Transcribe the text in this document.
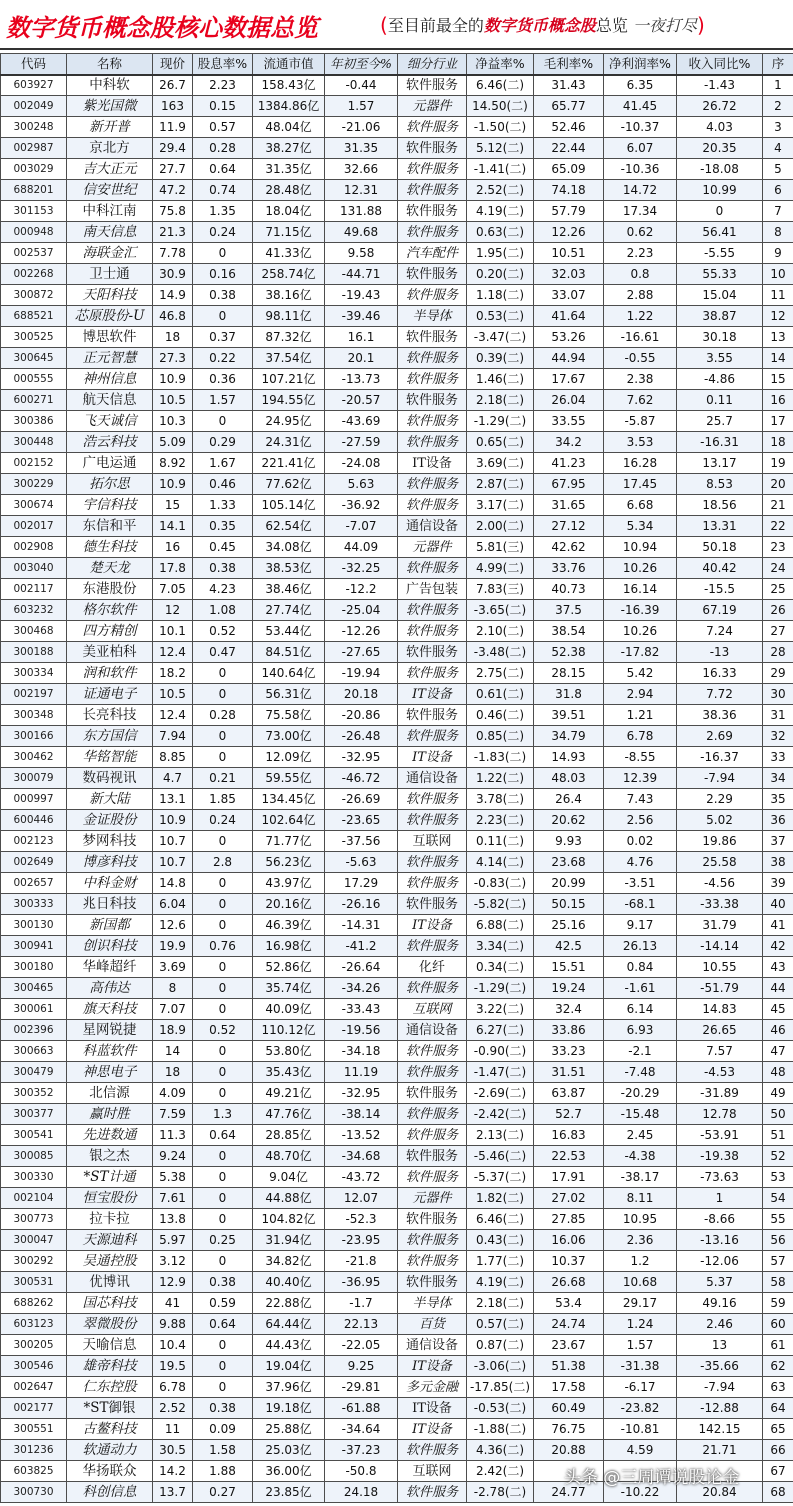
数字货币概念股核心数据总览	(至目前最全的数字货币概念股总览 一夜打尽)
代码	名称	现价	股息率%	流通市值	年初至今%	细分行业	净益率%	毛利率%	净利润率%	收入同比%	序
603927	中科软	26.7	2.23	158.43亿	-0.44	软件服务	6.46(二)	31.43	6.35	-1.43	1
002049	紫光国微	163	0.15	1384.86亿	1.57	元器件	14.50(二)	65.77	41.45	26.72	2
300248	新开普	11.9	0.57	48.04亿	-21.06	软件服务	-1.50(二)	52.46	-10.37	4.03	3
002987	京北方	29.4	0.28	38.27亿	31.35	软件服务	5.12(二)	22.44	6.07	20.35	4
003029	吉大正元	27.7	0.64	31.35亿	32.66	软件服务	-1.41(二)	65.09	-10.36	-18.08	5
688201	信安世纪	47.2	0.74	28.48亿	12.31	软件服务	2.52(二)	74.18	14.72	10.99	6
301153	中科江南	75.8	1.35	18.04亿	131.88	软件服务	4.19(二)	57.79	17.34	0	7
000948	南天信息	21.3	0.24	71.15亿	49.68	软件服务	0.63(二)	12.26	0.62	56.41	8
002537	海联金汇	7.78	0	41.33亿	9.58	汽车配件	1.95(二)	10.51	2.23	-5.55	9
002268	卫士通	30.9	0.16	258.74亿	-44.71	软件服务	0.20(二)	32.03	0.8	55.33	10
300872	天阳科技	14.9	0.38	38.16亿	-19.43	软件服务	1.18(二)	33.07	2.88	15.04	11
688521	芯原股份-U	46.8	0	98.11亿	-39.46	半导体	0.53(二)	41.64	1.22	38.87	12
300525	博思软件	18	0.37	87.32亿	16.1	软件服务	-3.47(二)	53.26	-16.61	30.18	13
300645	正元智慧	27.3	0.22	37.54亿	20.1	软件服务	0.39(二)	44.94	-0.55	3.55	14
000555	神州信息	10.9	0.36	107.21亿	-13.73	软件服务	1.46(二)	17.67	2.38	-4.86	15
600271	航天信息	10.5	1.57	194.55亿	-20.57	软件服务	2.18(二)	26.04	7.62	0.11	16
300386	飞天诚信	10.3	0	24.95亿	-43.69	软件服务	-1.29(二)	33.55	-5.87	25.7	17
300448	浩云科技	5.09	0.29	24.31亿	-27.59	软件服务	0.65(二)	34.2	3.53	-16.31	18
002152	广电运通	8.92	1.67	221.41亿	-24.08	IT设备	3.69(二)	41.23	16.28	13.17	19
300229	拓尔思	10.9	0.46	77.62亿	5.63	软件服务	2.87(二)	67.95	17.45	8.53	20
300674	宇信科技	15	1.33	105.14亿	-36.92	软件服务	3.17(二)	31.65	6.68	18.56	21
002017	东信和平	14.1	0.35	62.54亿	-7.07	通信设备	2.00(二)	27.12	5.34	13.31	22
002908	德生科技	16	0.45	34.08亿	44.09	元器件	5.81(三)	42.62	10.94	50.18	23
003040	楚天龙	17.8	0.38	38.53亿	-32.25	软件服务	4.99(二)	33.76	10.26	40.42	24
002117	东港股份	7.05	4.23	38.46亿	-12.2	广告包装	7.83(三)	40.73	16.14	-15.5	25
603232	格尔软件	12	1.08	27.74亿	-25.04	软件服务	-3.65(二)	37.5	-16.39	67.19	26
300468	四方精创	10.1	0.52	53.44亿	-12.26	软件服务	2.10(二)	38.54	10.26	7.24	27
300188	美亚柏科	12.4	0.47	84.51亿	-27.65	软件服务	-3.48(二)	52.38	-17.82	-13	28
300334	润和软件	18.2	0	140.64亿	-19.94	软件服务	2.75(二)	28.15	5.42	16.33	29
002197	证通电子	10.5	0	56.31亿	20.18	IT设备	0.61(二)	31.8	2.94	7.72	30
300348	长亮科技	12.4	0.28	75.58亿	-20.86	软件服务	0.46(二)	39.51	1.21	38.36	31
300166	东方国信	7.94	0	73.00亿	-26.48	软件服务	0.85(二)	34.79	6.78	2.69	32
300462	华铭智能	8.85	0	12.09亿	-32.95	IT设备	-1.83(二)	14.93	-8.55	-16.37	33
300079	数码视讯	4.7	0.21	59.55亿	-46.72	通信设备	1.22(二)	48.03	12.39	-7.94	34
000997	新大陆	13.1	1.85	134.45亿	-26.69	软件服务	3.78(二)	26.4	7.43	2.29	35
600446	金证股份	10.9	0.24	102.64亿	-23.65	软件服务	2.23(二)	20.62	2.56	5.02	36
002123	梦网科技	10.7	0	71.77亿	-37.56	互联网	0.11(二)	9.93	0.02	19.86	37
002649	博彦科技	10.7	2.8	56.23亿	-5.63	软件服务	4.14(二)	23.68	4.76	25.58	38
002657	中科金财	14.8	0	43.97亿	17.29	软件服务	-0.83(二)	20.99	-3.51	-4.56	39
300333	兆日科技	6.04	0	20.16亿	-26.16	软件服务	-5.82(二)	50.15	-68.1	-33.38	40
300130	新国都	12.6	0	46.39亿	-14.31	IT设备	6.88(二)	25.16	9.17	31.79	41
300941	创识科技	19.9	0.76	16.98亿	-41.2	软件服务	3.34(二)	42.5	26.13	-14.14	42
300180	华峰超纤	3.69	0	52.86亿	-26.64	化纤	0.34(二)	15.51	0.84	10.55	43
300465	高伟达	8	0	35.74亿	-34.26	软件服务	-1.29(二)	19.24	-1.61	-51.79	44
300061	旗天科技	7.07	0	40.09亿	-33.43	互联网	3.22(二)	32.4	6.14	14.83	45
002396	星网锐捷	18.9	0.52	110.12亿	-19.56	通信设备	6.27(二)	33.86	6.93	26.65	46
300663	科蓝软件	14	0	53.80亿	-34.18	软件服务	-0.90(二)	33.23	-2.1	7.57	47
300479	神思电子	18	0	35.43亿	11.19	软件服务	-1.47(二)	31.51	-7.48	-4.53	48
300352	北信源	4.09	0	49.21亿	-32.95	软件服务	-2.69(二)	63.87	-20.29	-31.89	49
300377	赢时胜	7.59	1.3	47.76亿	-38.14	软件服务	-2.42(二)	52.7	-15.48	12.78	50
300541	先进数通	11.3	0.64	28.85亿	-13.52	软件服务	2.13(二)	16.83	2.45	-53.91	51
300085	银之杰	9.24	0	48.70亿	-34.68	软件服务	-5.46(二)	22.53	-4.38	-19.38	52
300330	*ST计通	5.38	0	9.04亿	-43.72	软件服务	-5.37(二)	17.91	-38.17	-73.63	53
002104	恒宝股份	7.61	0	44.88亿	12.07	元器件	1.82(二)	27.02	8.11	1	54
300773	拉卡拉	13.8	0	104.82亿	-52.3	软件服务	6.46(二)	27.85	10.95	-8.66	55
300047	天源迪科	5.97	0.25	31.94亿	-23.95	软件服务	0.43(二)	16.06	2.36	-13.16	56
300292	吴通控股	3.12	0	34.82亿	-21.8	软件服务	1.77(二)	10.37	1.2	-12.06	57
300531	优博讯	12.9	0.38	40.40亿	-36.95	软件服务	4.19(二)	26.68	10.68	5.37	58
688262	国芯科技	41	0.59	22.88亿	-1.7	半导体	2.18(二)	53.4	29.17	49.16	59
603123	翠微股份	9.88	0.64	64.44亿	22.13	百货	0.57(二)	24.74	1.24	2.46	60
300205	天喻信息	10.4	0	44.43亿	-22.05	通信设备	0.87(二)	23.67	1.57	13	61
300546	雄帝科技	19.5	0	19.04亿	9.25	IT设备	-3.06(二)	51.38	-31.38	-35.66	62
002647	仁东控股	6.78	0	37.96亿	-29.81	多元金融	-17.85(二)	17.58	-6.17	-7.94	63
002177	*ST御银	2.52	0.38	19.18亿	-61.88	IT设备	-0.53(二)	60.49	-23.82	-12.88	64
300551	古鳌科技	11	0.09	25.88亿	-34.64	IT设备	-1.88(二)	76.75	-10.81	142.15	65
301236	软通动力	30.5	1.58	25.03亿	-37.23	软件服务	4.36(二)	20.88	4.59	21.71	66
603825	华扬联众	14.2	1.88	36.00亿	-50.8	互联网	2.42(二)				67
300730	科创信息	13.7	0.27	23.85亿	24.18	软件服务	-2.78(二)	24.77	-10.22	20.84	68
头条 @三周谭说股论金
